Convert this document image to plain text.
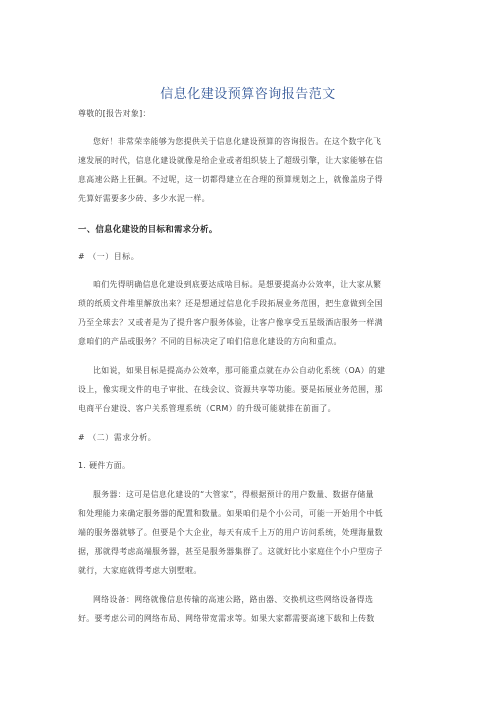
信息化建设预算咨询报告范文
尊敬的[报告对象]：
您好！非常荣幸能够为您提供关于信息化建设预算的咨询报告。在这个数字化飞
速发展的时代，信息化建设就像是给企业或者组织装上了超级引擎，让大家能够在信
息高速公路上狂飙。不过呢，这一切都得建立在合理的预算规划之上，就像盖房子得
先算好需要多少砖、多少水泥一样。
一、信息化建设的目标和需求分析。
# （一）目标。
咱们先得明确信息化建设到底要达成啥目标。是想要提高办公效率，让大家从繁
琐的纸质文件堆里解放出来？还是想通过信息化手段拓展业务范围，把生意做到全国
乃至全球去？又或者是为了提升客户服务体验，让客户像享受五星级酒店服务一样满
意咱们的产品或服务？不同的目标决定了咱们信息化建设的方向和重点。
比如说，如果目标是提高办公效率，那可能重点就在办公自动化系统（OA）的建
设上，像实现文件的电子审批、在线会议、资源共享等功能。要是拓展业务范围，那
电商平台建设、客户关系管理系统（CRM）的升级可能就排在前面了。
# （二）需求分析。
1. 硬件方面。
服务器：这可是信息化建设的“大管家”，得根据预计的用户数量、数据存储量
和处理能力来确定服务器的配置和数量。如果咱们是个小公司，可能一开始用个中低
端的服务器就够了。但要是个大企业，每天有成千上万的用户访问系统，处理海量数
据，那就得考虑高端服务器，甚至是服务器集群了。这就好比小家庭住个小户型房子
就行，大家庭就得考虑大别墅啦。
网络设备：网络就像信息传输的高速公路，路由器、交换机这些网络设备得选
好。要考虑公司的网络布局、网络带宽需求等。如果大家都需要高速下载和上传数
